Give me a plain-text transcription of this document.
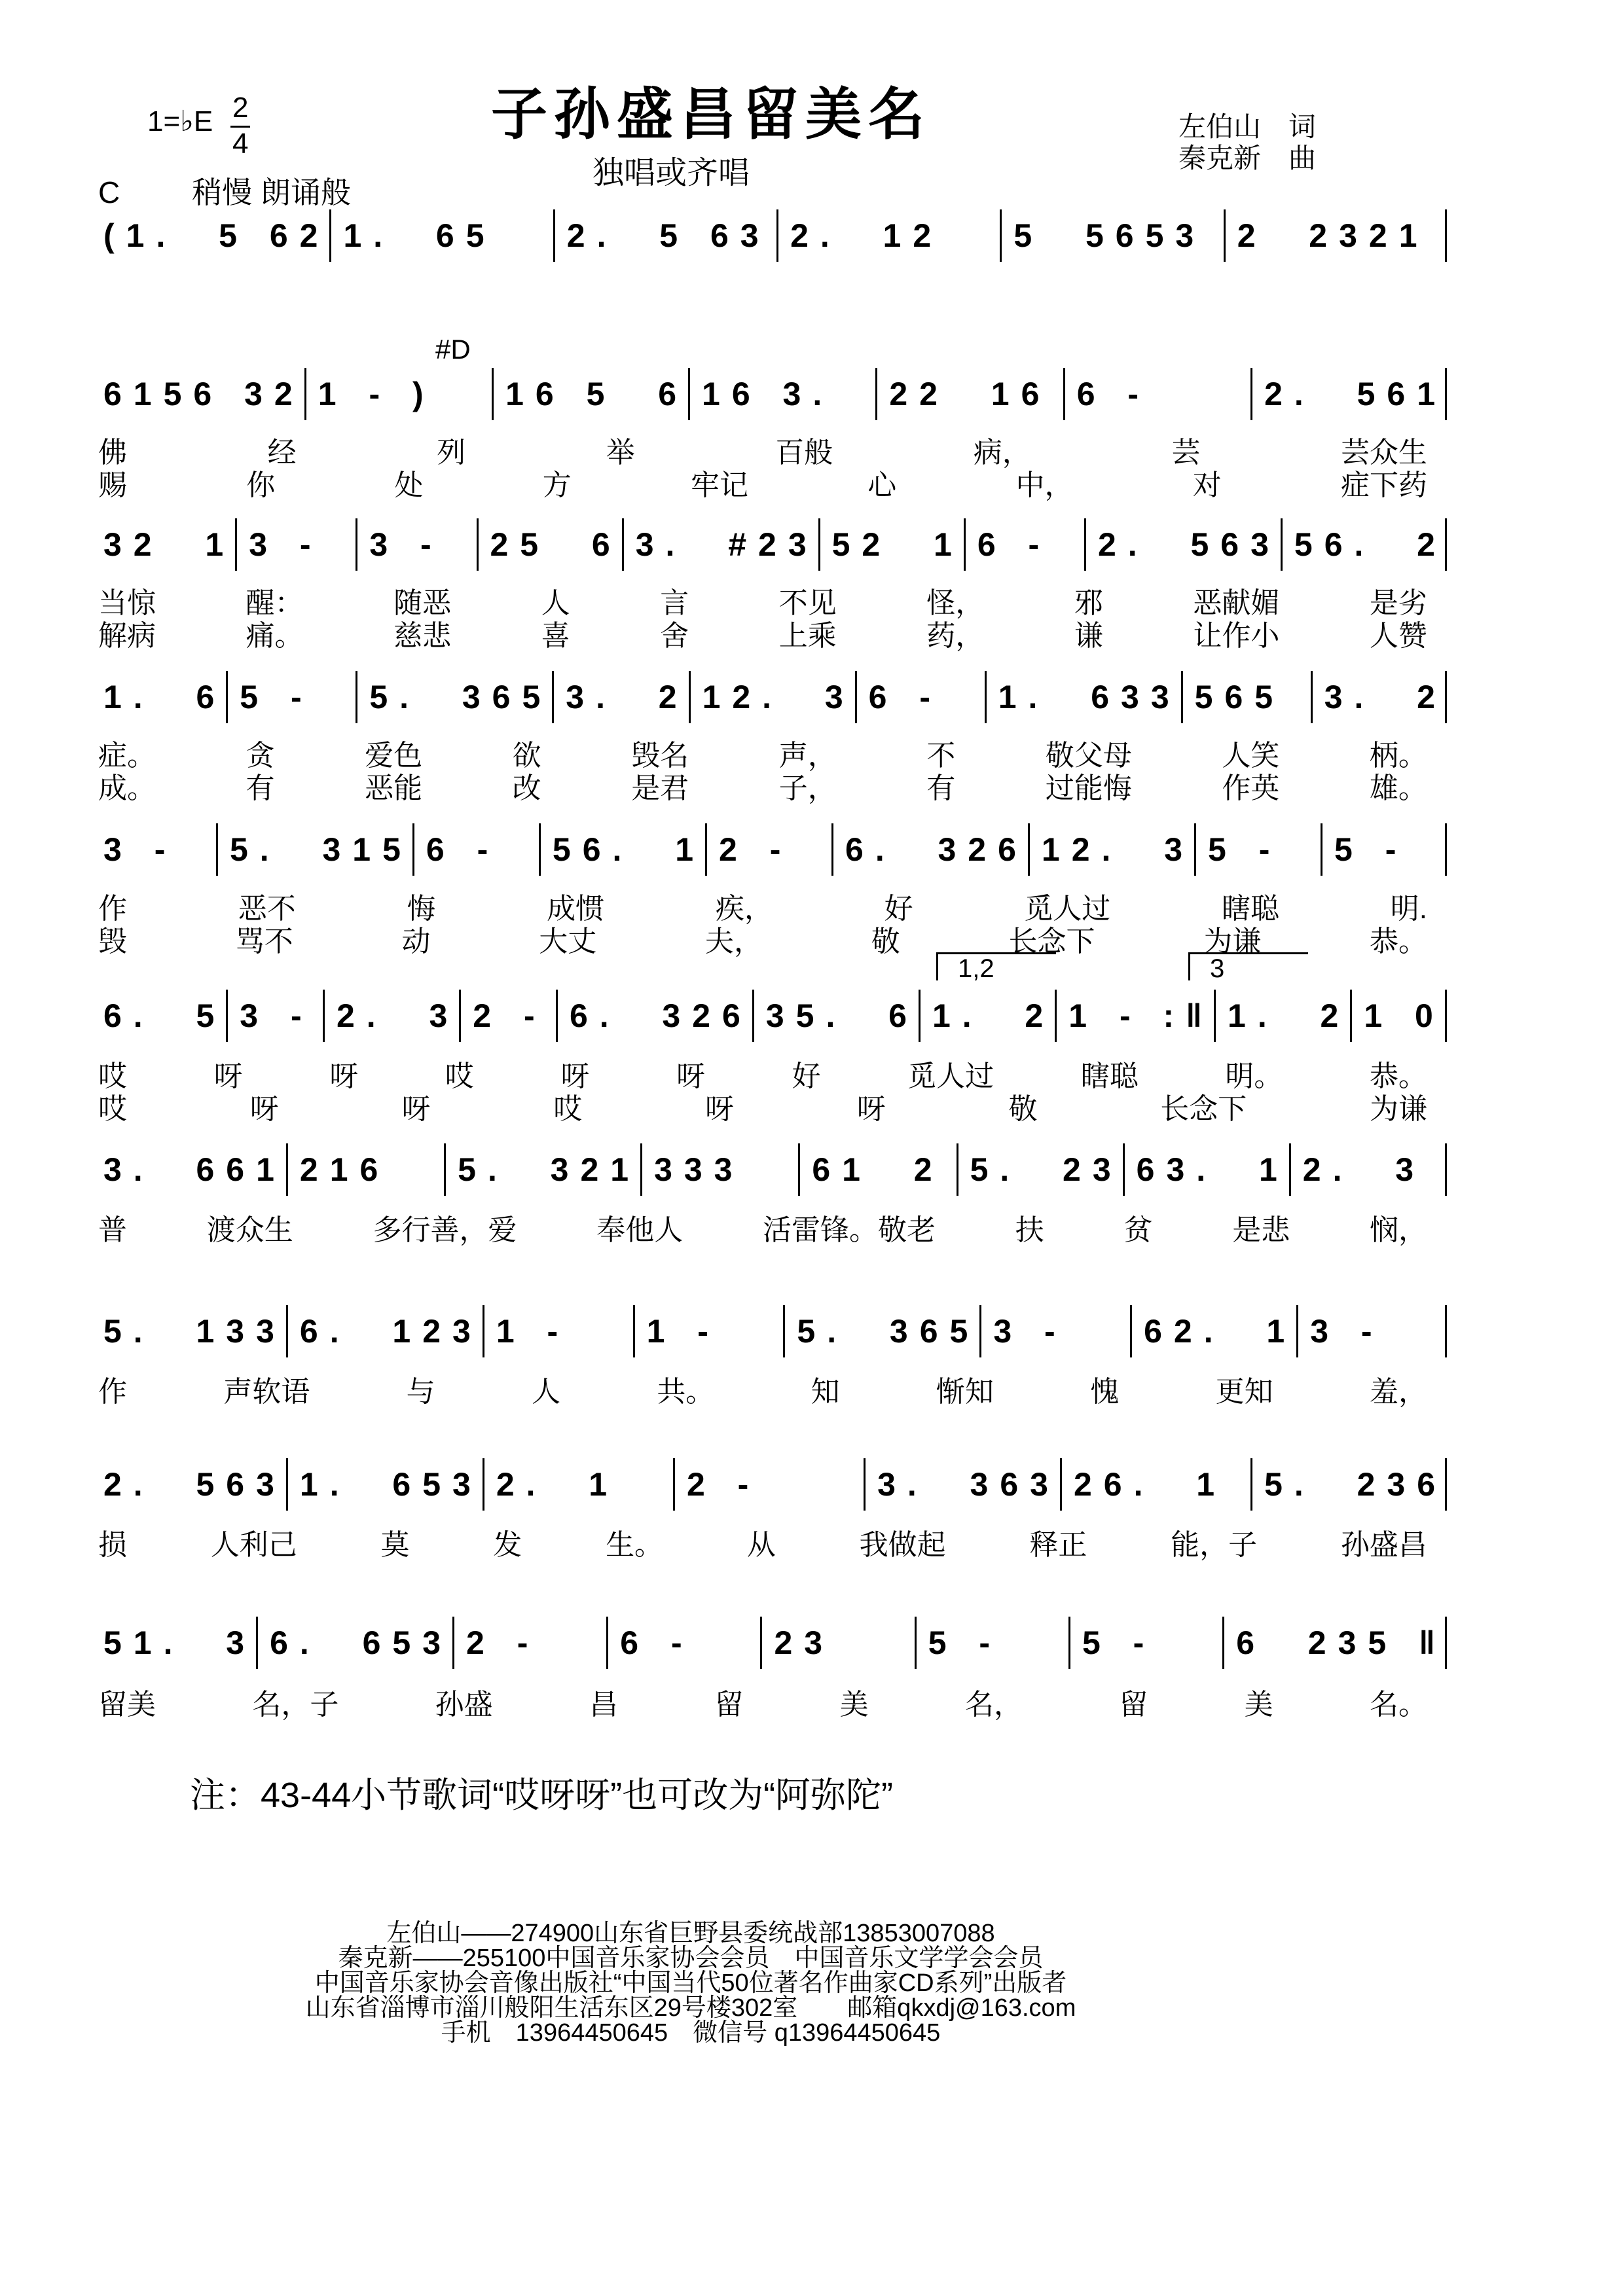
子孙盛昌留美名
独唱或齐唱
1=♭E 2
4
C 稍慢 朗诵般
左伯山　词
秦克新　曲
#D
1,2	3
(1.  5 62 1.  65	2.  5 63 2.  12	5  5653 2  2321
6156 32 1 - )	16 5  6 16 3.	22  16 6 -	2.  561
佛	经	列	举	百般	病，	芸	芸众生
赐	你	处	方	牢记	心	中，	对	症下药
32  1 3 -	3 -	25  6 3.  #23 52  1 6 -	2.  563 56.  2
当惊	醒：	随恶	人	言	不见	怪，	邪	恶献媚	是劣
解病	痛。	慈悲	喜	舍	上乘	药，	谦	让作小	人赞
1.  6 5 -	5.  365 3.  2 12.  3 6 -	1.  633 565	3.  2
症。	贪	爱色	欲	毁名	声，	不	敬父母	人笑	柄。
成。	有	恶能	改	是君	子，	有	过能悔	作英	雄。
3 -	5.  315 6 -	56.  1 2 -	6.  326 12.  3 5 -	5 -
作	恶不	悔	成惯	疾，	好	觅人过	瞎聪	明.
毁	骂不	动	大丈	夫，	敬	长念下	为谦	恭。
6.  5 3 - 2.  3 2 - 6.  326 35.  6 1.  2 1 - :‖ 1.  2 1 0
哎	呀	呀	哎	呀	呀	好	觅人过	瞎聪	明。	恭。
哎	呀	呀	哎	呀	呀	敬	长念下	为谦
3.  661 216	5.  321 333	61  2 5.  23 63.  1 2.  3
普	渡众生	多行善，爱	奉他人	活雷锋。敬老	扶	贫	是悲	悯，
5.  133 6.  123 1 -	1 -	5.  365 3 -	62.  1 3 -
作	声软语	与	人	共。	知	惭知	愧	更知	羞，
2.  563 1.  653 2.  1	2 -	3.  363 26.  1	5.  236
损	人利己	莫	发	生。	从	我做起	释正	能，子	孙盛昌
51.  3 6.  653 2 -	6 -	23	5 -	5 -	6  235 ‖
留美	名，子	孙盛	昌	留	美	名，	留	美	名。
注：43-44小节歌词“哎呀呀”也可改为“阿弥陀”
左伯山——274900山东省巨野县委统战部13853007088
秦克新——255100中国音乐家协会会员　中国音乐文学学会会员
中国音乐家协会音像出版社“中国当代50位著名作曲家CD系列”出版者
山东省淄博市淄川般阳生活东区29号楼302室　　邮箱qkxdj@163.com
手机　13964450645　微信号 q13964450645
